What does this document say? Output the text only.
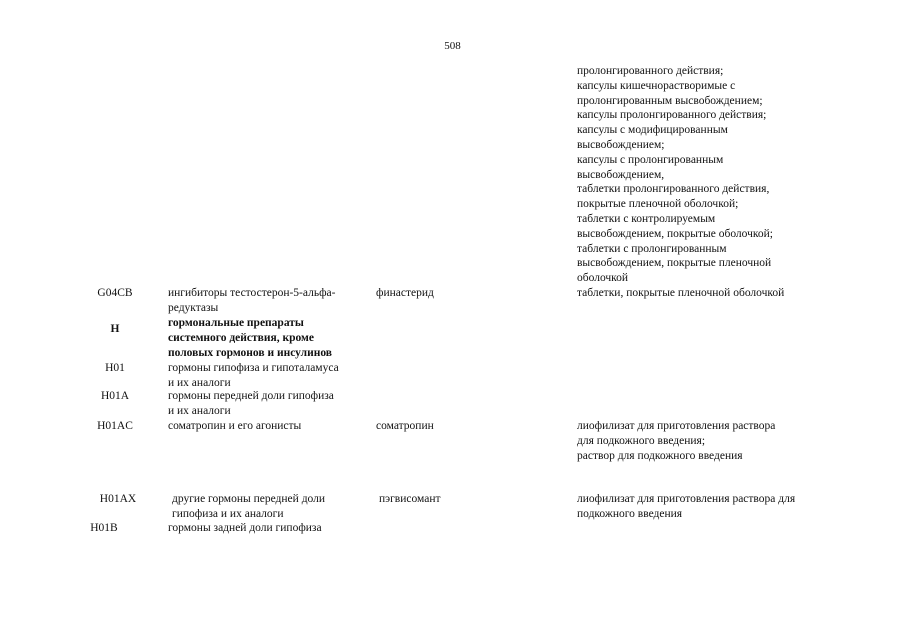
508
пролонгированного действия;
капсулы кишечнорастворимые с
пролонгированным высвобождением;
капсулы пролонгированного действия;
капсулы с модифицированным
высвобождением;
капсулы с пролонгированным
высвобождением,
таблетки пролонгированного действия,
покрытые пленочной оболочкой;
таблетки с контролируемым
высвобождением, покрытые оболочкой;
таблетки с пролонгированным
высвобождением, покрытые пленочной
оболочкой
G04CB	ингибиторы тестостерон-5-альфа-
редуктазы
финастерид	таблетки, покрытые пленочной оболочкой
H	гормональные препараты
системного действия, кроме
половых гормонов и инсулинов
H01	гормоны гипофиза и гипоталамуса
и их аналоги
H01A	гормоны передней доли гипофиза
и их аналоги
H01AC	соматропин и его агонисты	соматропин	лиофилизат для приготовления раствора
для подкожного введения;
раствор для подкожного введения
H01AX	другие гормоны передней доли
гипофиза и их аналоги
пэгвисомант	лиофилизат для приготовления раствора для
подкожного введения
H01B	гормоны задней доли гипофиза
